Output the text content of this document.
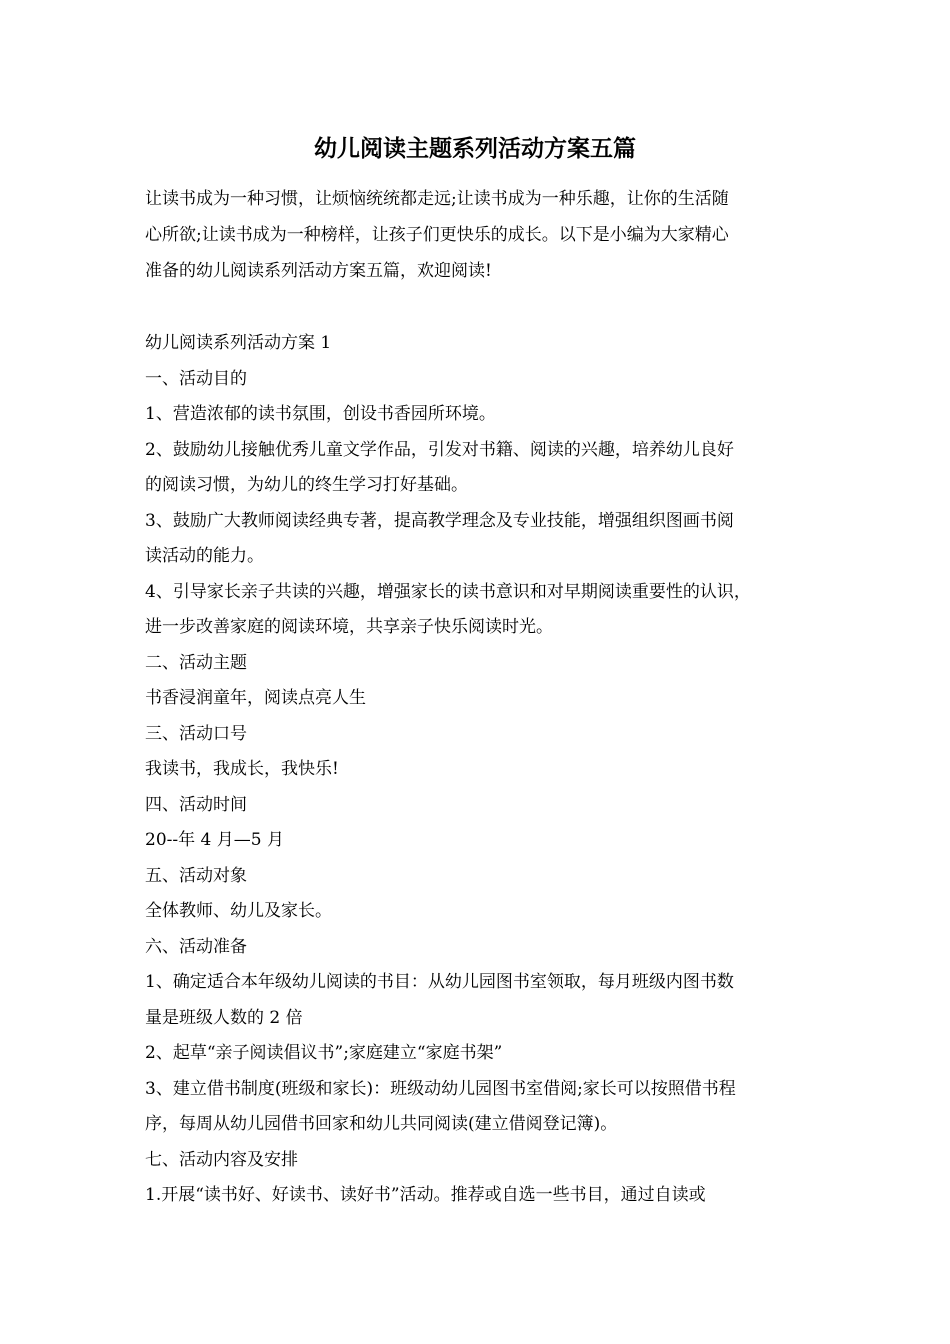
幼儿阅读主题系列活动方案五篇
让读书成为一种习惯，让烦恼统统都走远;让读书成为一种乐趣，让你的生活随
心所欲;让读书成为一种榜样，让孩子们更快乐的成长。以下是小编为大家精心
准备的幼儿阅读系列活动方案五篇，欢迎阅读!
幼儿阅读系列活动方案 1
一、活动目的
1、营造浓郁的读书氛围，创设书香园所环境。
2、鼓励幼儿接触优秀儿童文学作品，引发对书籍、阅读的兴趣，培养幼儿良好
的阅读习惯，为幼儿的终生学习打好基础。
3、鼓励广大教师阅读经典专著，提高教学理念及专业技能，增强组织图画书阅
读活动的能力。
4、引导家长亲子共读的兴趣，增强家长的读书意识和对早期阅读重要性的认识，
进一步改善家庭的阅读环境，共享亲子快乐阅读时光。
二、活动主题
书香浸润童年，阅读点亮人生
三、活动口号
我读书，我成长，我快乐!
四、活动时间
20--年 4 月—5 月
五、活动对象
全体教师、幼儿及家长。
六、活动准备
1、确定适合本年级幼儿阅读的书目：从幼儿园图书室领取，每月班级内图书数
量是班级人数的 2 倍
2、起草“亲子阅读倡议书”;家庭建立“家庭书架”
3、建立借书制度(班级和家长)：班级动幼儿园图书室借阅;家长可以按照借书程
序，每周从幼儿园借书回家和幼儿共同阅读(建立借阅登记簿)。
七、活动内容及安排
1.开展“读书好、好读书、读好书”活动。推荐或自选一些书目，通过自读或
